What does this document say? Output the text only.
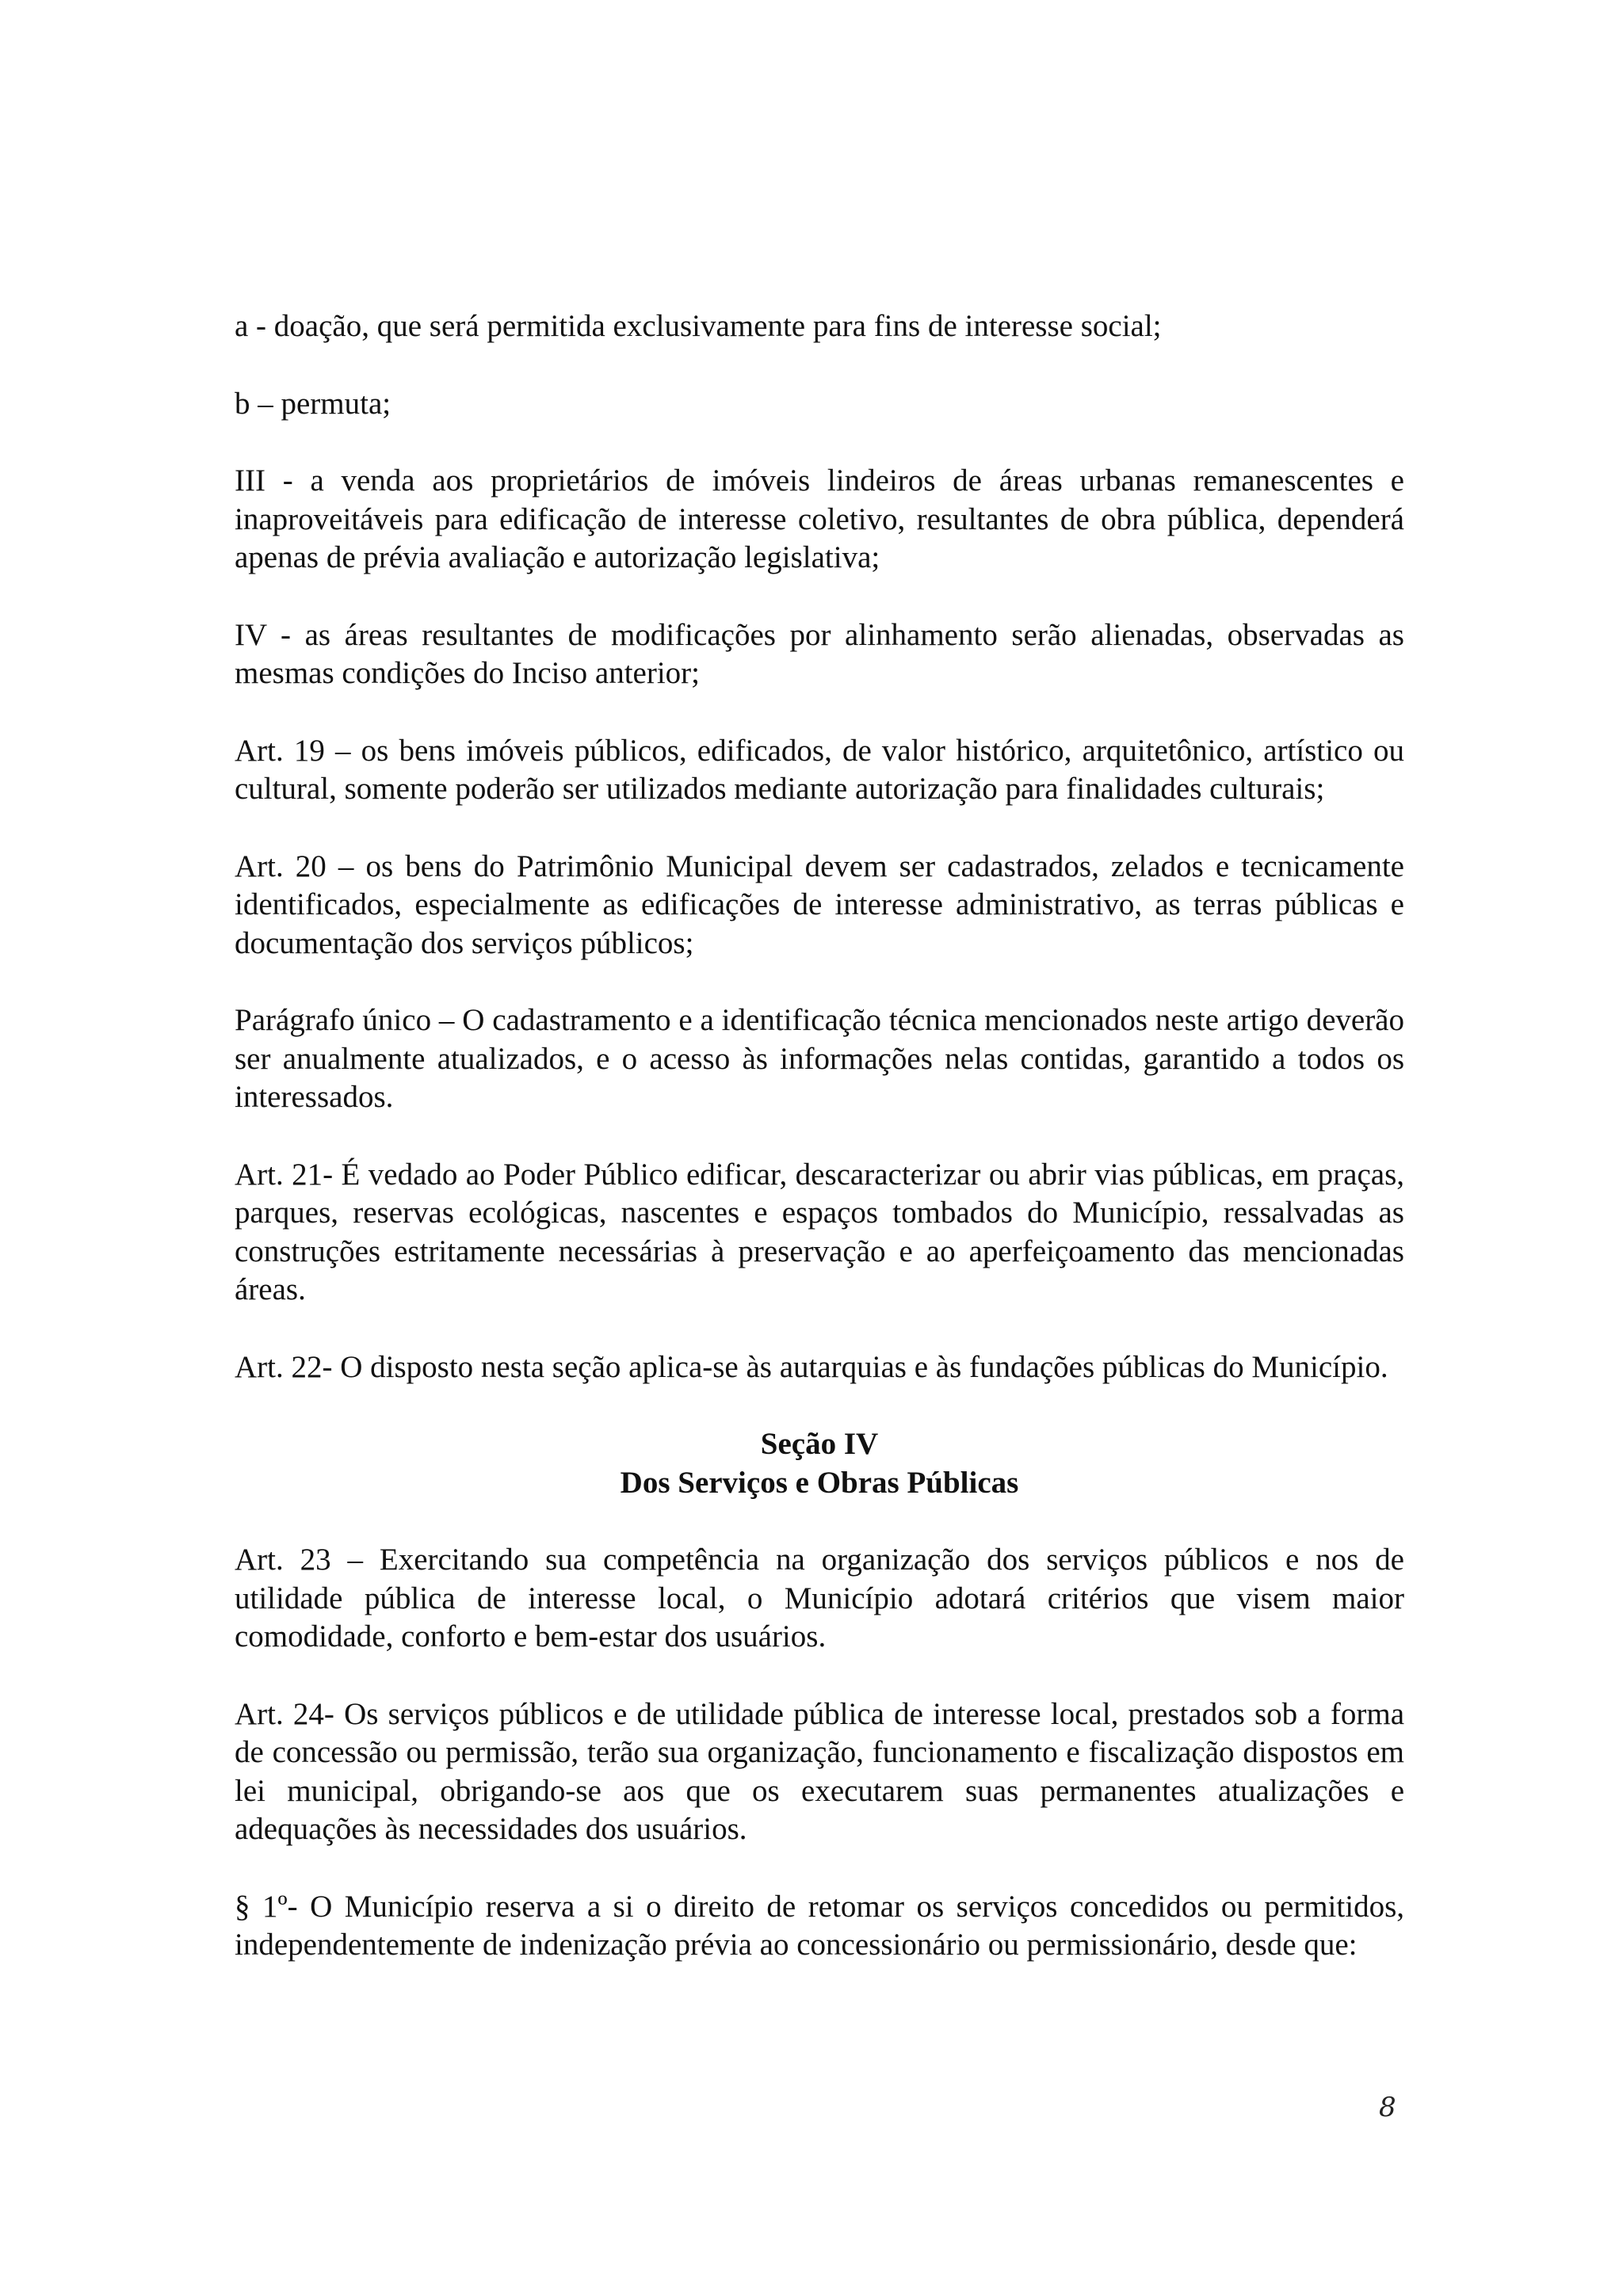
a - doação, que será permitida exclusivamente para fins de interesse social;

b – permuta;

III - a venda aos proprietários de imóveis lindeiros de áreas urbanas remanescentes e inaproveitáveis para edificação de interesse coletivo, resultantes de obra pública, dependerá apenas de prévia avaliação e autorização legislativa;

IV - as áreas resultantes de modificações por alinhamento serão alienadas, observadas as mesmas condições do Inciso anterior;

Art. 19 – os bens imóveis públicos, edificados, de valor histórico, arquitetônico, artístico ou cultural, somente poderão ser utilizados mediante autorização para finalidades culturais;

Art. 20 – os bens do Patrimônio Municipal devem ser cadastrados, zelados e tecnicamente identificados, especialmente as edificações de interesse administrativo, as terras públicas e documentação dos serviços públicos;

Parágrafo único – O cadastramento e a identificação técnica mencionados neste artigo deverão ser anualmente atualizados, e o acesso às informações nelas contidas, garantido a todos os interessados.

Art. 21- É vedado ao Poder Público edificar, descaracterizar ou abrir vias públicas, em praças, parques, reservas ecológicas, nascentes e espaços tombados do Município, ressalvadas as construções estritamente necessárias à preservação e ao aperfeiçoamento das mencionadas áreas.

Art. 22- O disposto nesta seção aplica-se às autarquias e às fundações públicas do Município.

Seção IV
Dos Serviços e Obras Públicas

Art. 23 – Exercitando sua competência na organização dos serviços públicos e nos de utilidade pública de interesse local, o Município adotará critérios que visem maior comodidade, conforto e bem-estar dos usuários.

Art. 24- Os serviços públicos e de utilidade pública de interesse local, prestados sob a forma de concessão ou permissão, terão sua organização, funcionamento e fiscalização dispostos em lei municipal, obrigando-se aos que os executarem suas permanentes atualizações e adequações às necessidades dos usuários.

§ 1º- O Município reserva a si o direito de retomar os serviços concedidos ou permitidos, independentemente de indenização prévia ao concessionário ou permissionário, desde que:

8
